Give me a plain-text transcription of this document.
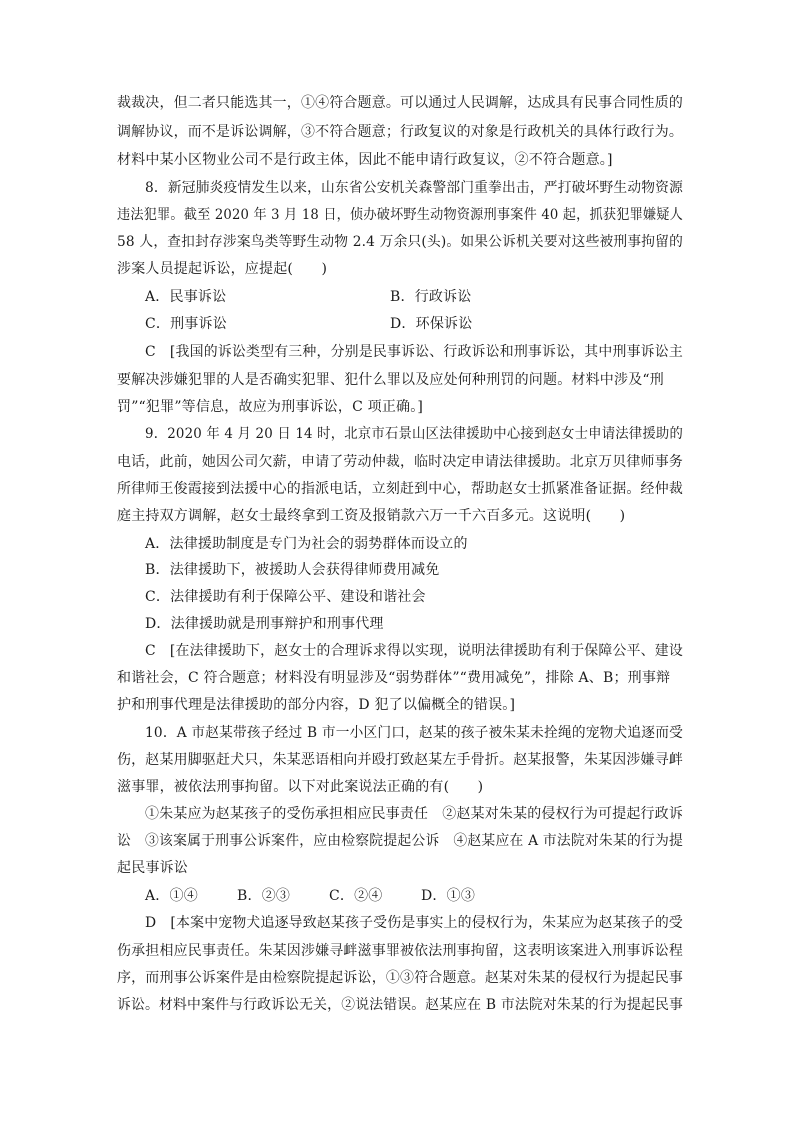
裁裁决，但二者只能选其一，①④符合题意。可以通过人民调解，达成具有民事合同性质的
调解协议，而不是诉讼调解，③不符合题意；行政复议的对象是行政机关的具体行政行为。
材料中某小区物业公司不是行政主体，因此不能申请行政复议，②不符合题意。]
8．新冠肺炎疫情发生以来，山东省公安机关森警部门重拳出击，严打破坏野生动物资源
违法犯罪。截至 2020 年 3 月 18 日，侦办破坏野生动物资源刑事案件 40 起，抓获犯罪嫌疑人
58 人，查扣封存涉案鸟类等野生动物 2.4 万余只(头)。如果公诉机关要对这些被刑事拘留的
涉案人员提起诉讼，应提起(　　)
A．民事诉讼	B．行政诉讼
C．刑事诉讼	D．环保诉讼
C　[我国的诉讼类型有三种，分别是民事诉讼、行政诉讼和刑事诉讼，其中刑事诉讼主
要解决涉嫌犯罪的人是否确实犯罪、犯什么罪以及应处何种刑罚的问题。材料中涉及“刑
罚”“犯罪”等信息，故应为刑事诉讼，C 项正确。]
9．2020 年 4 月 20 日 14 时，北京市石景山区法律援助中心接到赵女士申请法律援助的
电话，此前，她因公司欠薪，申请了劳动仲裁，临时决定申请法律援助。北京万贝律师事务
所律师王俊霞接到法援中心的指派电话，立刻赶到中心，帮助赵女士抓紧准备证据。经仲裁
庭主持双方调解，赵女士最终拿到工资及报销款六万一千六百多元。这说明(　　)
A．法律援助制度是专门为社会的弱势群体而设立的
B．法律援助下，被援助人会获得律师费用减免
C．法律援助有利于保障公平、建设和谐社会
D．法律援助就是刑事辩护和刑事代理
C　[在法律援助下，赵女士的合理诉求得以实现，说明法律援助有利于保障公平、建设
和谐社会，C 符合题意；材料没有明显涉及“弱势群体”“费用减免”，排除 A、B；刑事辩
护和刑事代理是法律援助的部分内容，D 犯了以偏概全的错误。]
10．A 市赵某带孩子经过 B 市一小区门口，赵某的孩子被朱某未拴绳的宠物犬追逐而受
伤，赵某用脚驱赶犬只，朱某恶语相向并殴打致赵某左手骨折。赵某报警，朱某因涉嫌寻衅
滋事罪，被依法刑事拘留。以下对此案说法正确的有(　　)
①朱某应为赵某孩子的受伤承担相应民事责任　②赵某对朱某的侵权行为可提起行政诉
讼　③该案属于刑事公诉案件，应由检察院提起公诉　④赵某应在 A 市法院对朱某的行为提
起民事诉讼
A．①④	B．②③	C．②④	D．①③
D　[本案中宠物犬追逐导致赵某孩子受伤是事实上的侵权行为，朱某应为赵某孩子的受
伤承担相应民事责任。朱某因涉嫌寻衅滋事罪被依法刑事拘留，这表明该案进入刑事诉讼程
序，而刑事公诉案件是由检察院提起诉讼，①③符合题意。赵某对朱某的侵权行为提起民事
诉讼。材料中案件与行政诉讼无关，②说法错误。赵某应在 B 市法院对朱某的行为提起民事
